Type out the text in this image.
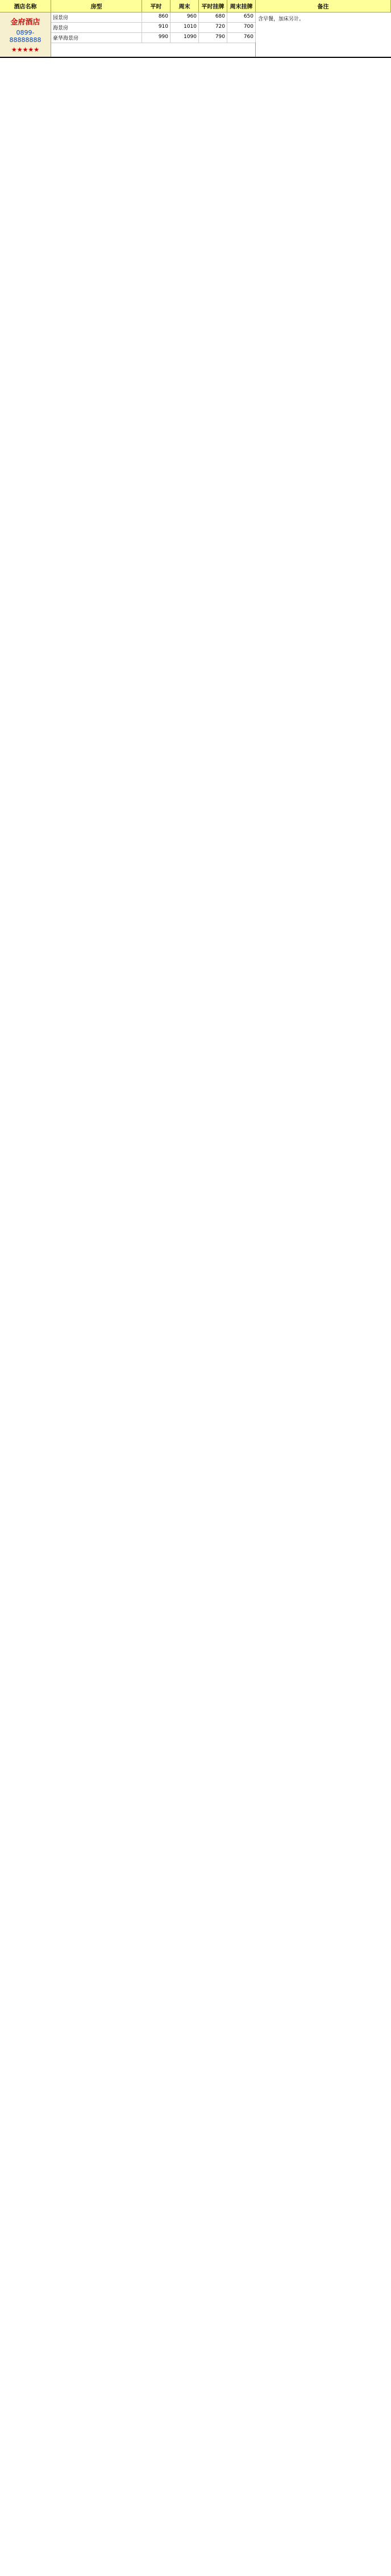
酒店名称	房型	平时	周末	平时挂牌	周末挂牌	备注
金府酒店
0899-88888888
★★★★★
园景房	860	960	680	650
海景房	910	1010	720	700
豪华海景房	990	1090	790	760

含早餐，加床另计。
